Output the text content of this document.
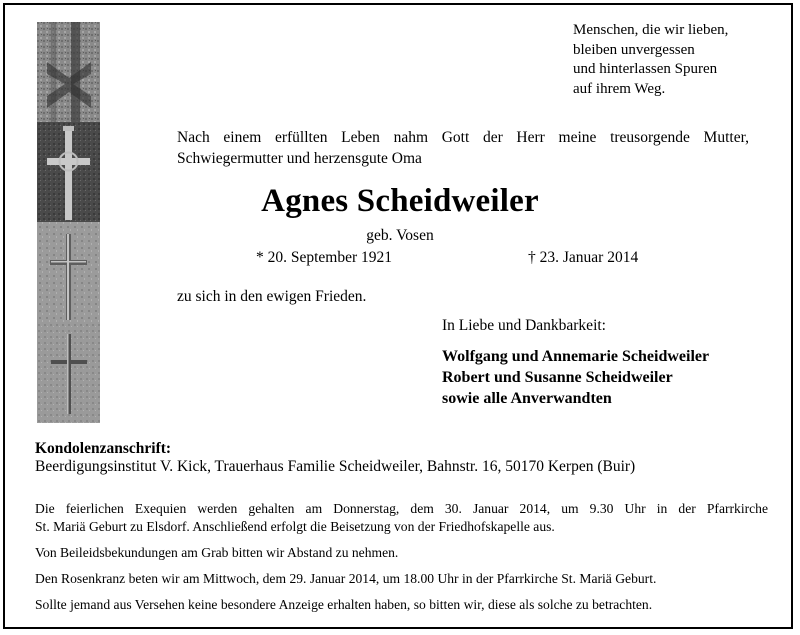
Menschen, die wir lieben,
bleiben unvergessen
und hinterlassen Spuren
auf ihrem Weg.
Nach einem erfüllten Leben nahm Gott der Herr meine treusorgende Mutter,
Schwiegermutter und herzensgute Oma
Agnes Scheidweiler
geb. Vosen
* 20. September 1921	† 23. Januar 2014
zu sich in den ewigen Frieden.
In Liebe und Dankbarkeit:
Wolfgang und Annemarie Scheidweiler
Robert und Susanne Scheidweiler
sowie alle Anverwandten
Kondolenzanschrift:
Beerdigungsinstitut V. Kick, Trauerhaus Familie Scheidweiler, Bahnstr. 16, 50170 Kerpen (Buir)

Die feierlichen Exequien werden gehalten am Donnerstag, dem 30. Januar 2014, um 9.30 Uhr in der Pfarrkirche

St. Mariä Geburt zu Elsdorf. Anschließend erfolgt die Beisetzung von der Friedhofskapelle aus.

Von Beileidsbekundungen am Grab bitten wir Abstand zu nehmen.

Den Rosenkranz beten wir am Mittwoch, dem 29. Januar 2014, um 18.00 Uhr in der Pfarrkirche St. Mariä Geburt.

Sollte jemand aus Versehen keine besondere Anzeige erhalten haben, so bitten wir, diese als solche zu betrachten.
